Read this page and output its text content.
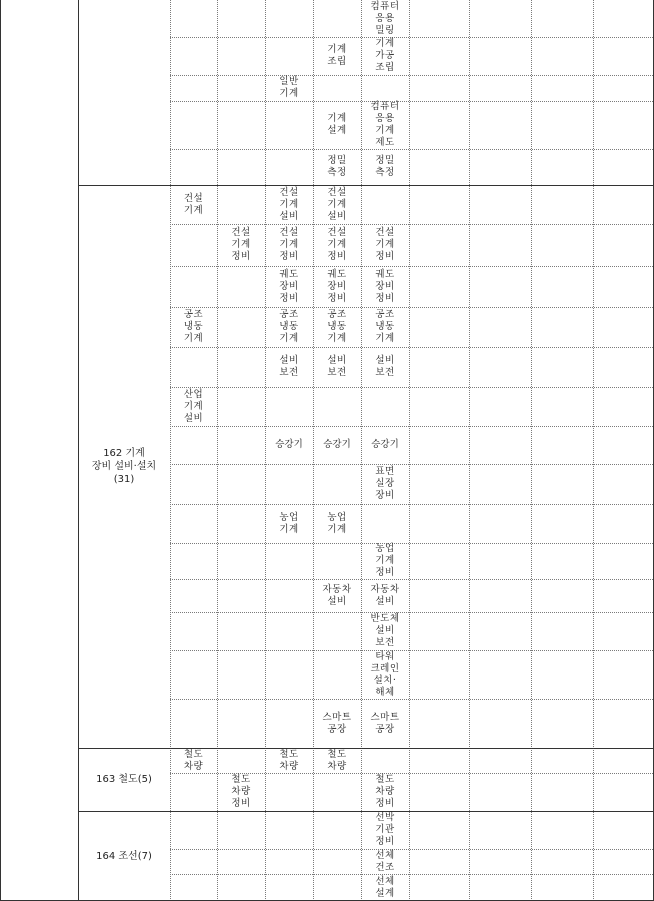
162 기계
장비 설비·설치
(31)
163 철도(5)
164 조선(7)
컴퓨터
응용
밀링
기계
조립
기계
가공
조립
일반
기계
기계
설계
컴퓨터
응용
기계
제도
정밀
측정
정밀
측정
건설
기계
건설
기계
설비
건설
기계
설비
건설
기계
정비
건설
기계
정비
건설
기계
정비
건설
기계
정비
궤도
장비
정비
궤도
장비
정비
궤도
장비
정비
공조
냉동
기계
공조
냉동
기계
공조
냉동
기계
공조
냉동
기계
설비
보전
설비
보전
설비
보전
산업
기계
설비
승강기 승강기 승강기
표면
실장
장비
농업
기계
농업
기계
농업
기계
정비
자동차
설비
자동차
설비
반도체
설비
보전
타워
크레인
설치·
해체
스마트
공장
스마트
공장
철도
차량
철도
차량
철도
차량
철도
차량
정비
철도
차량
정비
선박
기관
정비
선체
건조
선체
설계
